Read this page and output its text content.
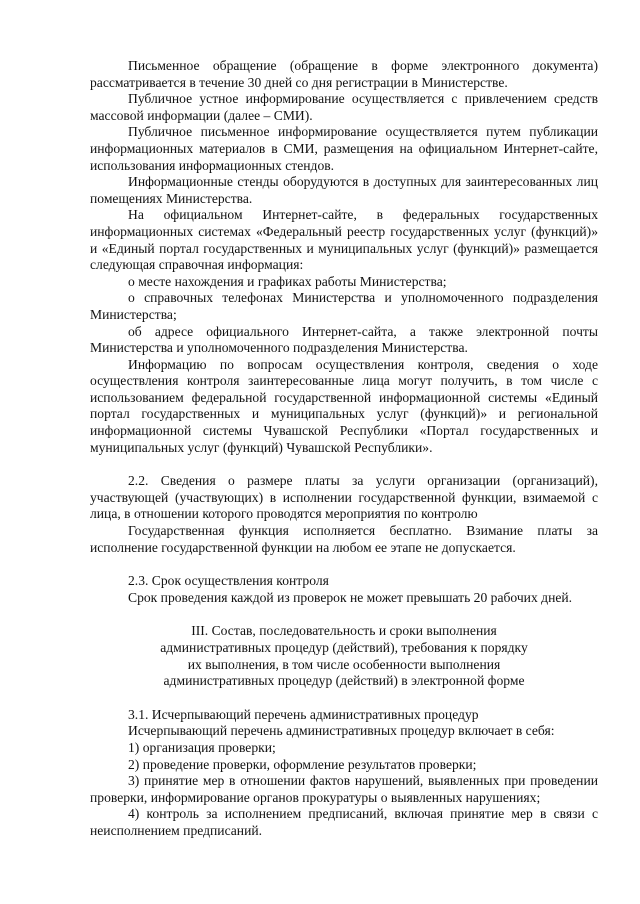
Письменное обращение (обращение в форме электронного документа) рассматривается в течение 30 дней со дня регистрации в Министерстве.

Публичное устное информирование осуществляется с привлечением средств массовой информации (далее – СМИ).

Публичное письменное информирование осуществляется путем публикации информационных материалов в СМИ, размещения на официальном Интернет-сайте, использования информационных стендов.

Информационные стенды оборудуются в доступных для заинтересованных лиц помещениях Министерства.

На официальном Интернет-сайте, в федеральных государственных информационных системах «Федеральный реестр государственных услуг (функций)» и «Единый портал государственных и муниципальных услуг (функций)» размещается следующая справочная информация:

о месте нахождения и графиках работы Министерства;

о справочных телефонах Министерства и уполномоченного подразделения Министерства;

об адресе официального Интернет-сайта, а также электронной почты Министерства и уполномоченного подразделения Министерства.

Информацию по вопросам осуществления контроля, сведения о ходе осуществления контроля заинтересованные лица могут получить, в том числе с использованием федеральной государственной информационной системы «Единый портал государственных и муниципальных услуг (функций)» и региональной информационной системы Чувашской Республики «Портал государственных и муниципальных услуг (функций) Чувашской Республики».

2.2. Сведения о размере платы за услуги организации (организаций), участвующей (участвующих) в исполнении государственной функции, взимаемой с лица, в отношении которого проводятся мероприятия по контролю

Государственная функция исполняется бесплатно. Взимание платы за исполнение государственной функции на любом ее этапе не допускается.

2.3. Срок осуществления контроля

Срок проведения каждой из проверок не может превышать 20 рабочих дней.

III. Состав, последовательность и сроки выполнения

административных процедур (действий), требования к порядку

их выполнения, в том числе особенности выполнения

административных процедур (действий) в электронной форме

3.1. Исчерпывающий перечень административных процедур

Исчерпывающий перечень административных процедур включает в себя:

1) организация проверки;
2) проведение проверки, оформление результатов проверки;
3) принятие мер в отношении фактов нарушений, выявленных при проведении проверки, информирование органов прокуратуры о выявленных нарушениях;
4) контроль за исполнением предписаний, включая принятие мер в связи с неисполнением предписаний.
